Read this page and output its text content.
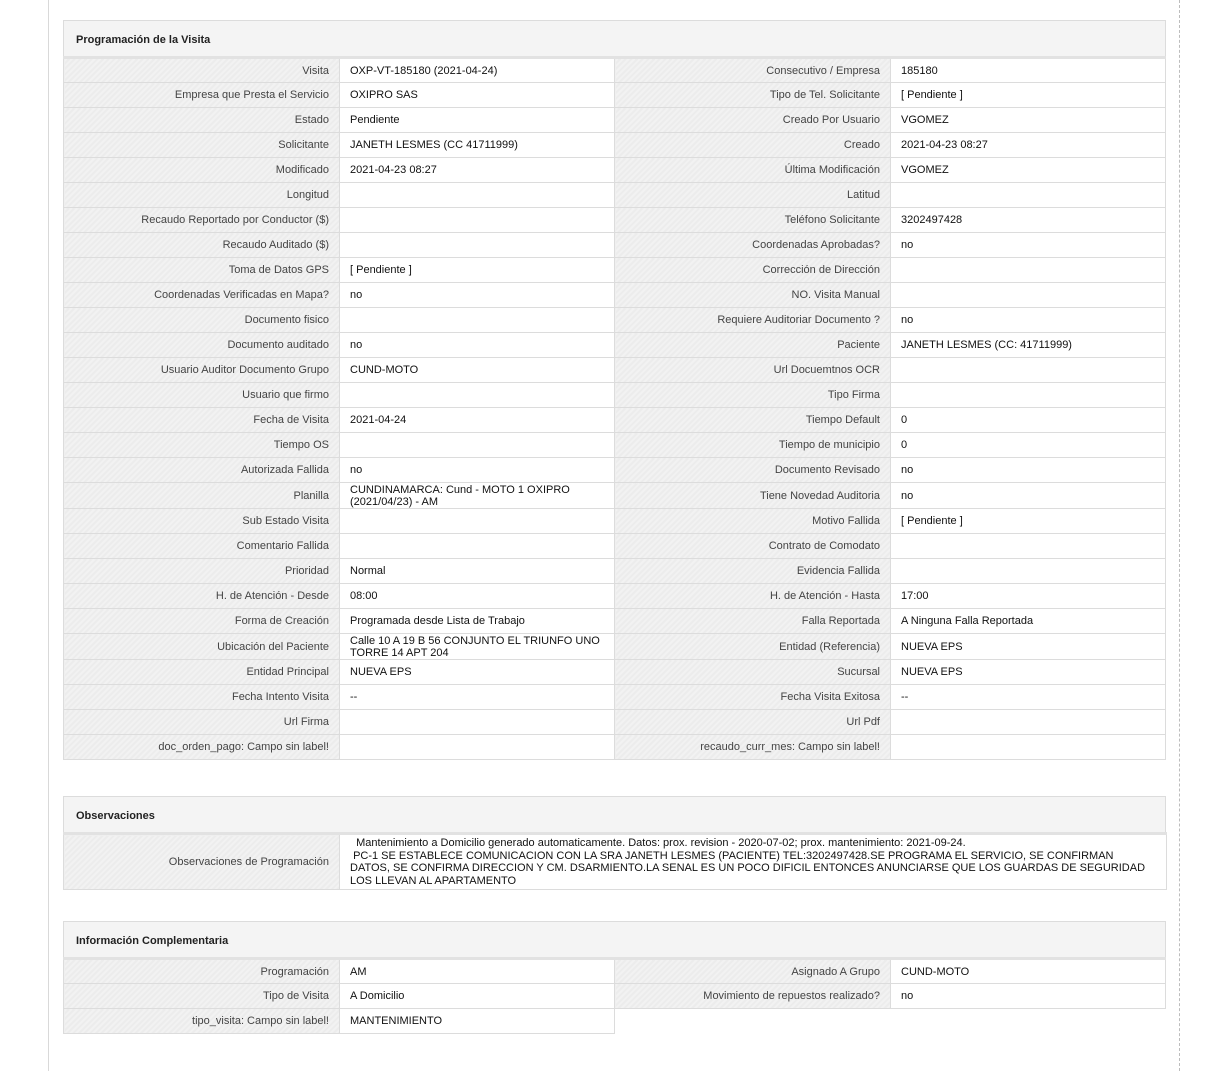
Programación de la Visita
Visita	OXP-VT-185180 (2021-04-24)	Consecutivo / Empresa	185180
Empresa que Presta el Servicio	OXIPRO SAS	Tipo de Tel. Solicitante	[ Pendiente ]
Estado	Pendiente	Creado Por Usuario	VGOMEZ
Solicitante	JANETH LESMES (CC 41711999)	Creado	2021-04-23 08:27
Modificado	2021-04-23 08:27	Última Modificación	VGOMEZ
Longitud		Latitud	
Recaudo Reportado por Conductor ($)		Teléfono Solicitante	3202497428
Recaudo Auditado ($)		Coordenadas Aprobadas?	no
Toma de Datos GPS	[ Pendiente ]	Corrección de Dirección	
Coordenadas Verificadas en Mapa?	no	NO. Visita Manual	
Documento fisico		Requiere Auditoriar Documento ?	no
Documento auditado	no	Paciente	JANETH LESMES (CC: 41711999)
Usuario Auditor Documento Grupo	CUND-MOTO	Url Docuemtnos OCR	
Usuario que firmo		Tipo Firma	
Fecha de Visita	2021-04-24	Tiempo Default	0
Tiempo OS		Tiempo de municipio	0
Autorizada Fallida	no	Documento Revisado	no
Planilla	CUNDINAMARCA: Cund - MOTO 1 OXIPRO (2021/04/23) - AM	Tiene Novedad Auditoria	no
Sub Estado Visita		Motivo Fallida	[ Pendiente ]
Comentario Fallida		Contrato de Comodato	
Prioridad	Normal	Evidencia Fallida	
H. de Atención - Desde	08:00	H. de Atención - Hasta	17:00
Forma de Creación	Programada desde Lista de Trabajo	Falla Reportada	A Ninguna Falla Reportada
Ubicación del Paciente	Calle 10 A 19 B 56 CONJUNTO EL TRIUNFO UNO TORRE 14 APT 204	Entidad (Referencia)	NUEVA EPS
Entidad Principal	NUEVA EPS	Sucursal	NUEVA EPS
Fecha Intento Visita	--	Fecha Visita Exitosa	--
Url Firma		Url Pdf	
doc_orden_pago: Campo sin label!		recaudo_curr_mes: Campo sin label!	
Observaciones
Observaciones de Programación	Mantenimiento a Domicilio generado automaticamente. Datos: prox. revision - 2020-07-02; prox. mantenimiento: 2021-09-24.
PC-1 SE ESTABLECE COMUNICACION CON LA SRA JANETH LESMES (PACIENTE) TEL:3202497428.SE PROGRAMA EL SERVICIO, SE CONFIRMAN DATOS, SE CONFIRMA DIRECCION Y CM. DSARMIENTO.LA SENAL ES UN POCO DIFICIL ENTONCES ANUNCIARSE QUE LOS GUARDAS DE SEGURIDAD LOS LLEVAN AL APARTAMENTO
Información Complementaria
Programación	AM	Asignado A Grupo	CUND-MOTO
Tipo de Visita	A Domicilio	Movimiento de repuestos realizado?	no
tipo_visita: Campo sin label!	MANTENIMIENTO		
